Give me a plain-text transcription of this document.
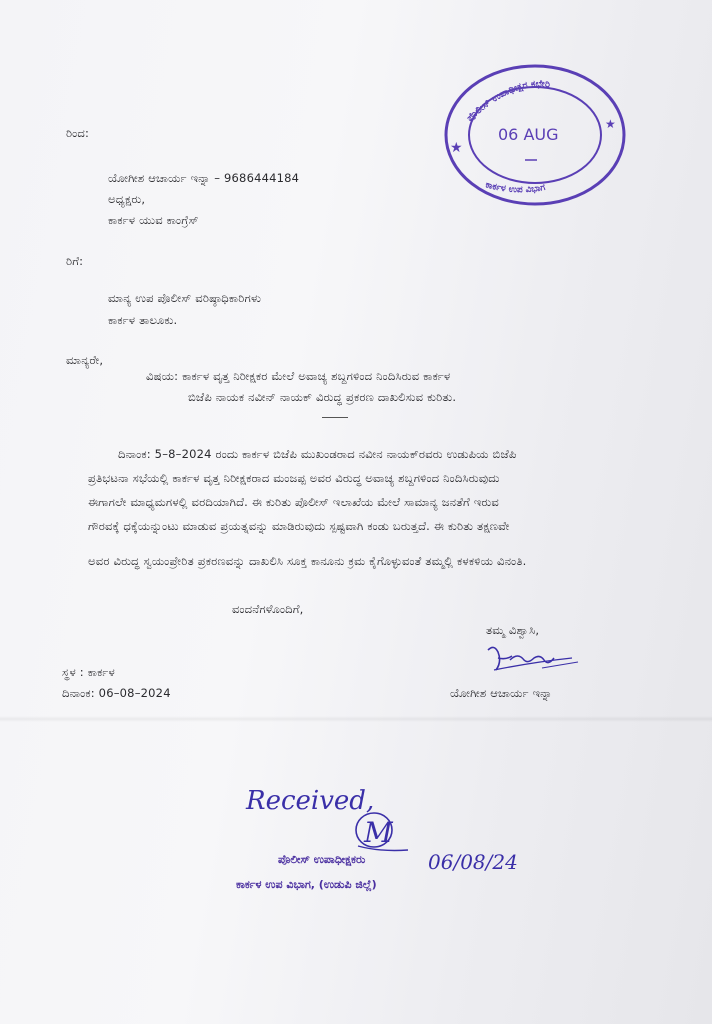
ರಿಂದ:
ಯೋಗೀಶ ಆಚಾರ್ಯ ಇನ್ನಾ – 9686444184
ಅಧ್ಯಕ್ಷರು,
ಕಾರ್ಕಳ ಯುವ ಕಾಂಗ್ರೆಸ್
ರಿಗೆ:
ಮಾನ್ಯ ಉಪ ಪೊಲೀಸ್ ವರಿಷ್ಠಾಧಿಕಾರಿಗಳು
ಕಾರ್ಕಳ ತಾಲೂಕು.
ಮಾನ್ಯರೇ,
ವಿಷಯ: ಕಾರ್ಕಳ ವೃತ್ತ ನಿರೀಕ್ಷಕರ ಮೇಲೆ ಅವಾಚ್ಯ ಶಬ್ದಗಳಿಂದ ನಿಂದಿಸಿರುವ ಕಾರ್ಕಳ
ಬಿಜೆಪಿ ನಾಯಕ ನವೀನ್ ನಾಯಕ್ ವಿರುದ್ಧ ಪ್ರಕರಣ ದಾಖಲಿಸುವ ಕುರಿತು.
ದಿನಾಂಕ: 5–8–2024 ರಂದು ಕಾರ್ಕಳ ಬಿಜೆಪಿ ಮುಖಂಡರಾದ ನವೀನ ನಾಯಕ್‌ರವರು ಉಡುಪಿಯ ಬಿಜೆಪಿ
ಪ್ರತಿಭಟನಾ ಸಭೆಯಲ್ಲಿ ಕಾರ್ಕಳ ವೃತ್ತ ನಿರೀಕ್ಷಕರಾದ ಮಂಜಪ್ಪ ಅವರ ವಿರುದ್ಧ ಅವಾಚ್ಯ ಶಬ್ದಗಳಿಂದ ನಿಂದಿಸಿರುವುದು
ಈಗಾಗಲೇ ಮಾಧ್ಯಮಗಳಲ್ಲಿ ವರದಿಯಾಗಿದೆ. ಈ ಕುರಿತು ಪೊಲೀಸ್ ಇಲಾಖೆಯ ಮೇಲೆ ಸಾಮಾನ್ಯ ಜನತೆಗೆ ಇರುವ
ಗೌರವಕ್ಕೆ ಧಕ್ಕೆಯನ್ನುಂಟು ಮಾಡುವ ಪ್ರಯತ್ನವನ್ನು ಮಾಡಿರುವುದು ಸ್ಪಷ್ಟವಾಗಿ ಕಂಡು ಬರುತ್ತದೆ. ಈ ಕುರಿತು ತಕ್ಷಣವೇ
ಅವರ ವಿರುದ್ಧ ಸ್ವಯಂಪ್ರೇರಿತ ಪ್ರಕರಣವನ್ನು ದಾಖಲಿಸಿ ಸೂಕ್ತ ಕಾನೂನು ಕ್ರಮ ಕೈಗೊಳ್ಳುವಂತೆ ತಮ್ಮಲ್ಲಿ ಕಳಕಳಿಯ ವಿನಂತಿ.
ವಂದನೆಗಳೊಂದಿಗೆ,
ತಮ್ಮ ವಿಶ್ವಾಸಿ,
ಸ್ಥಳ : ಕಾರ್ಕಳ
ದಿನಾಂಕ: 06–08–2024	ಯೋಗೀಶ ಆಚಾರ್ಯ ಇನ್ನಾ
★
★
ಪೊಲೀಸ್ ಉಪಾಧೀಕ್ಷರ ಕಛೇರಿ
06 AUG
ಕಾರ್ಕಳ ಉಪ ವಿಭಾಗ
Received,
M
ಪೊಲೀಸ್ ಉಪಾಧೀಕ್ಷಕರು
ಕಾರ್ಕಳ ಉಪ ವಿಭಾಗ, (ಉಡುಪಿ ಜಿಲ್ಲೆ)
06/08/24
